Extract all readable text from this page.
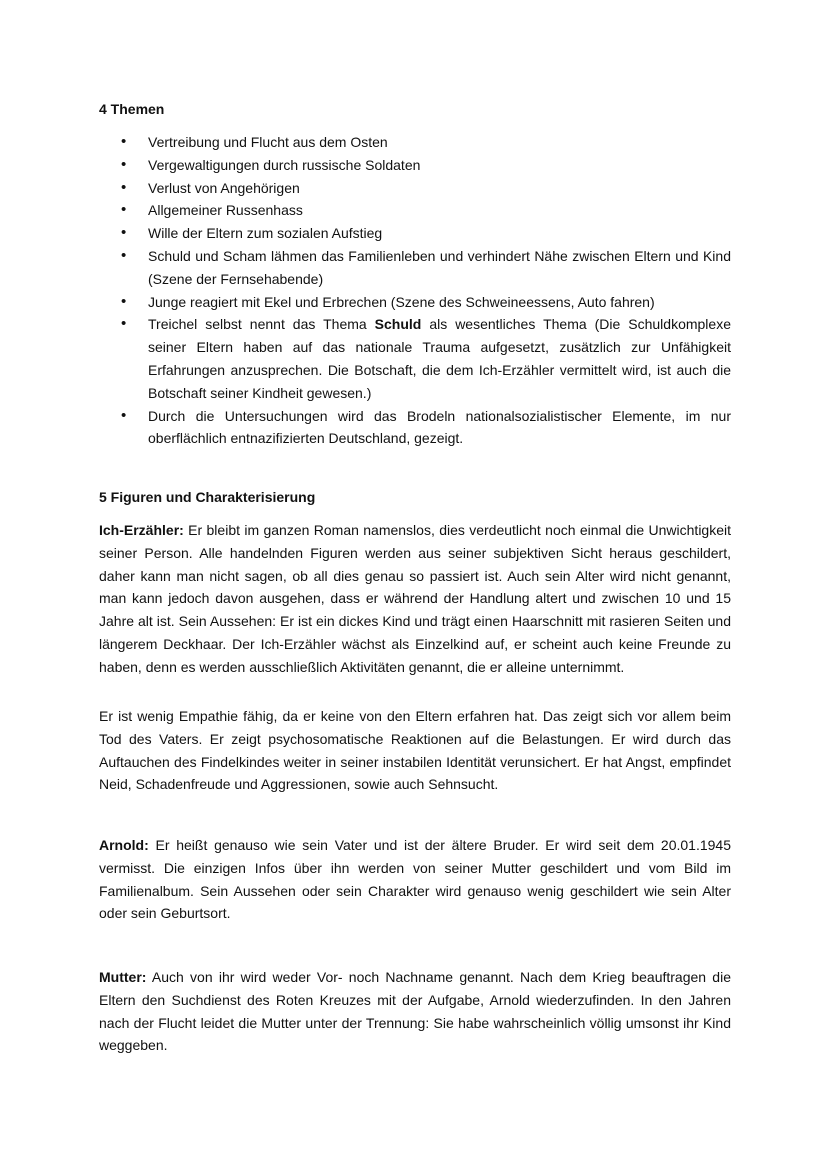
4 Themen
• Vertreibung und Flucht aus dem Osten
• Vergewaltigungen durch russische Soldaten
• Verlust von Angehörigen
• Allgemeiner Russenhass
• Wille der Eltern zum sozialen Aufstieg
• Schuld und Scham lähmen das Familienleben und verhindert Nähe zwischen Eltern und Kind (Szene der Fernsehabende)
• Junge reagiert mit Ekel und Erbrechen (Szene des Schweineessens, Auto fahren)
• Treichel selbst nennt das Thema Schuld als wesentliches Thema (Die Schuldkomplexe seiner Eltern haben auf das nationale Trauma aufgesetzt, zusätzlich zur Unfähigkeit Erfahrungen anzusprechen. Die Botschaft, die dem Ich-Erzähler vermittelt wird, ist auch die Botschaft seiner Kindheit gewesen.)
• Durch die Untersuchungen wird das Brodeln nationalsozialistischer Elemente, im nur oberflächlich entnazifizierten Deutschland, gezeigt.
5 Figuren und Charakterisierung

Ich-Erzähler: Er bleibt im ganzen Roman namenslos, dies verdeutlicht noch einmal die Unwichtigkeit seiner Person. Alle handelnden Figuren werden aus seiner subjektiven Sicht heraus geschildert, daher kann man nicht sagen, ob all dies genau so passiert ist. Auch sein Alter wird nicht genannt, man kann jedoch davon ausgehen, dass er während der Handlung altert und zwischen 10 und 15 Jahre alt ist. Sein Aussehen: Er ist ein dickes Kind und trägt einen Haarschnitt mit rasieren Seiten und längerem Deckhaar. Der Ich-Erzähler wächst als Einzelkind auf, er scheint auch keine Freunde zu haben, denn es werden ausschließlich Aktivitäten genannt, die er alleine unternimmt.

Er ist wenig Empathie fähig, da er keine von den Eltern erfahren hat. Das zeigt sich vor allem beim Tod des Vaters. Er zeigt psychosomatische Reaktionen auf die Belastungen. Er wird durch das Auftauchen des Findelkindes weiter in seiner instabilen Identität verunsichert. Er hat Angst, empfindet Neid, Schadenfreude und Aggressionen, sowie auch Sehnsucht.

Arnold: Er heißt genauso wie sein Vater und ist der ältere Bruder. Er wird seit dem 20.01.1945 vermisst. Die einzigen Infos über ihn werden von seiner Mutter geschildert und vom Bild im Familienalbum. Sein Aussehen oder sein Charakter wird genauso wenig geschildert wie sein Alter oder sein Geburtsort.

Mutter: Auch von ihr wird weder Vor- noch Nachname genannt. Nach dem Krieg beauftragen die Eltern den Suchdienst des Roten Kreuzes mit der Aufgabe, Arnold wiederzufinden. In den Jahren nach der Flucht leidet die Mutter unter der Trennung: Sie habe wahrscheinlich völlig umsonst ihr Kind weggeben.
